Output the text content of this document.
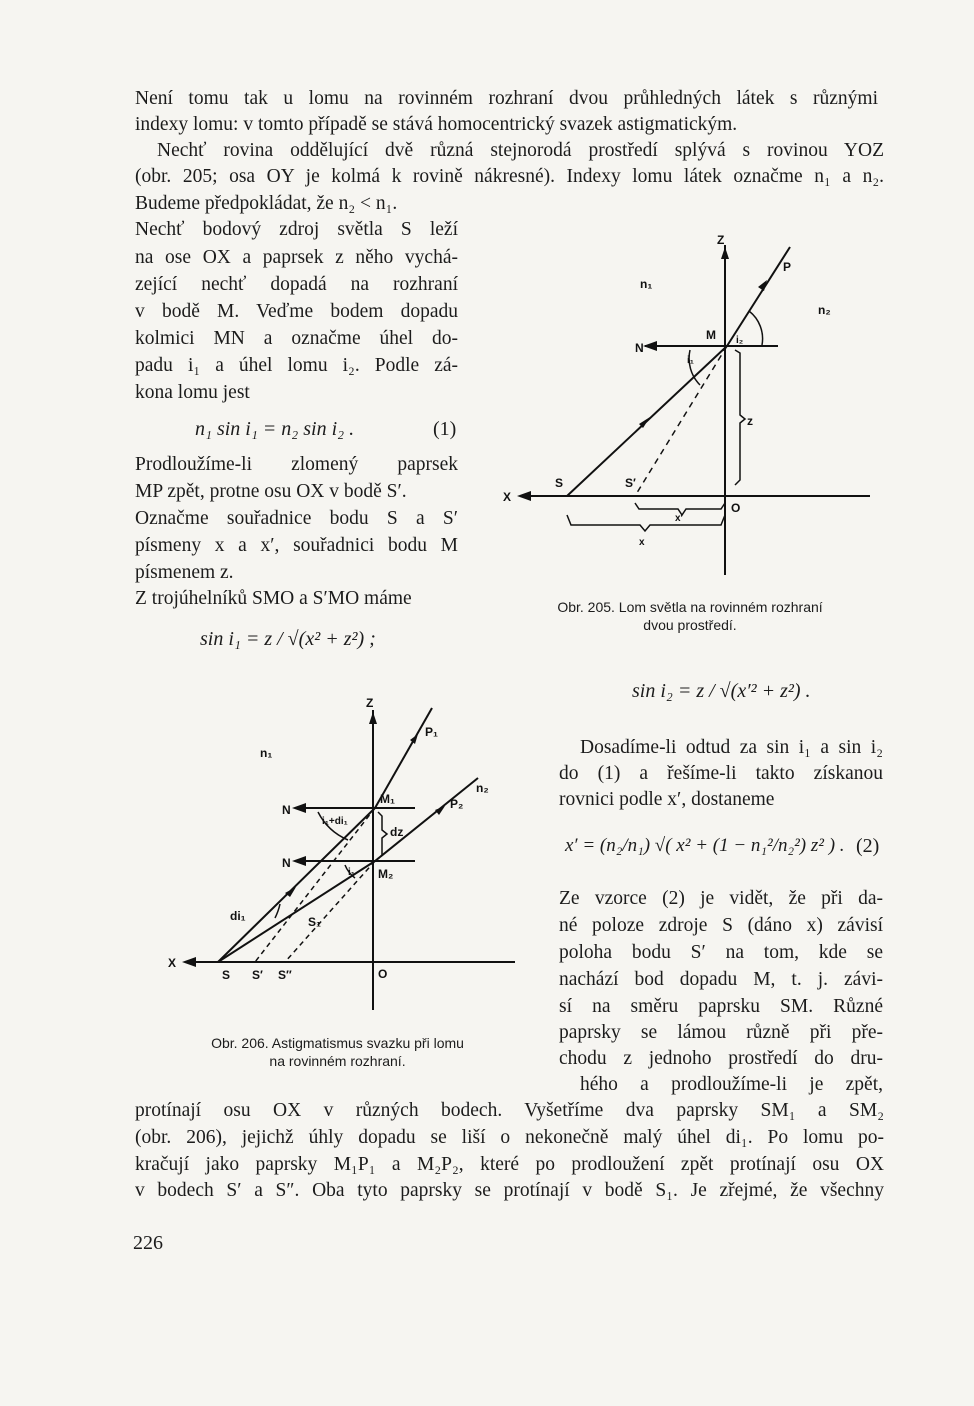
Není tomu tak u lomu na rovinném rozhraní dvou průhledných látek s různými
indexy lomu: v tomto případě se stává homocentrický svazek astigmatickým.
Nechť rovina oddělující dvě různá stejnorodá prostředí splývá s rovinou YOZ
(obr. 205; osa OY je kolmá k rovině nákresné). Indexy lomu látek označme n₁ a n₂.
Budeme předpokládat, že n₂ < n₁.
Nechť bodový zdroj světla S leží
na ose OX a paprsek z něho vychá-
zející nechť dopadá na rozhraní
v bodě M. Veďme bodem dopadu
kolmici MN a označme úhel do-
padu i₁ a úhel lomu i₂. Podle zá-
kona lomu jest
n₁ sin i₁ = n₂ sin i₂ .	(1)
Prodloužíme-li zlomený paprsek
MP zpět, protne osu OX v bodě S′.
Označme souřadnice bodu S a S′
písmeny x a x′, souřadnici bodu M
písmenem z.
Z trojúhelníků SMO a S′MO máme
sin i₁ = z / √(x² + z²) ;
sin i₂ = z / √(x′² + z²) .
Dosadíme-li odtud za sin i₁ a sin i₂
do (1) a řešíme-li takto získanou
rovnici podle x′, dostaneme
x′ = (n₂/n₁) √( x² + (1 − n₁²/n₂²) z² ) . (2)
Ze vzorce (2) je vidět, že při da-
né poloze zdroje S (dáno x) závisí
poloha bodu S′ na tom, kde se
nachází bod dopadu M, t. j. závi-
sí na směru paprsku SM. Různé
paprsky se lámou různě při pře-
chodu z jednoho prostředí do dru-
hého a prodloužíme-li je zpět,
protínají osu OX v různých bodech. Vyšetříme dva paprsky SM₁ a SM₂
(obr. 206), jejichž úhly dopadu se liší o nekonečně malý úhel di₁. Po lomu po-
kračují jako paprsky M₁P₁ a M₂P₂, které po prodloužení zpět protínají osu OX
v bodech S′ a S″. Oba tyto paprsky se protínají v bodě S₁. Je zřejmé, že všechny
226
Z
P
n₁
n₂
N
M
i₁
i₂
z
S	S′
X
O
x′
x
Obr. 205. Lom světla na rovinném rozhraní
dvou prostředí.
Z
P₁
n₁
n₂
P₂
N
M₁
i₁+di₁
dz
N
i₁ M₂
di₁	S₁
X
S S′ S″	O
Obr. 206. Astigmatismus svazku při lomu
na rovinném rozhraní.
